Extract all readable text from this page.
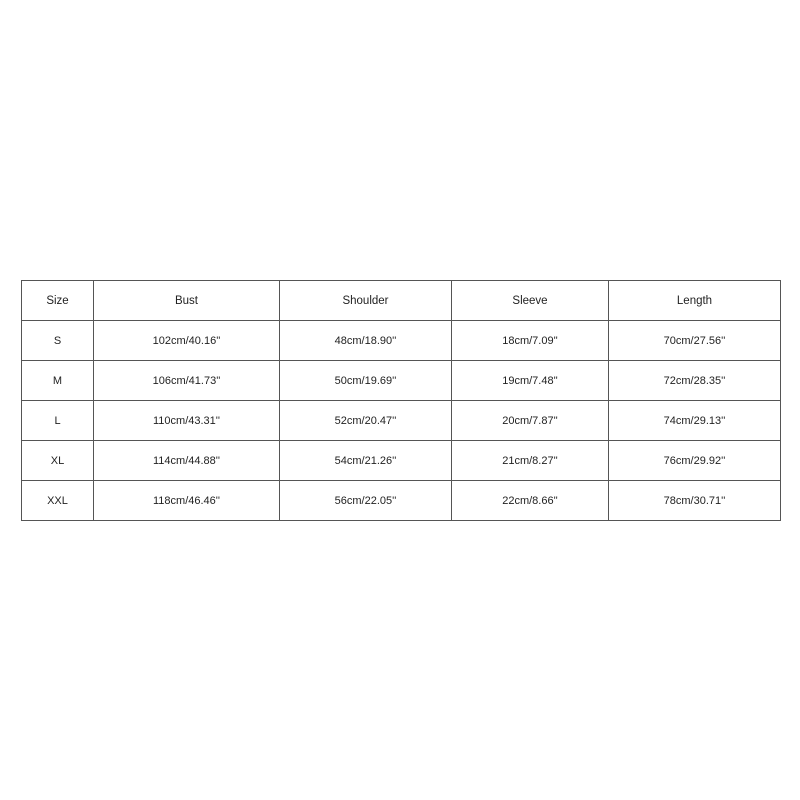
Size	Bust	Shoulder	Sleeve	Length
S	102cm/40.16''	48cm/18.90''	18cm/7.09''	70cm/27.56''
M	106cm/41.73''	50cm/19.69''	19cm/7.48''	72cm/28.35''
L	110cm/43.31''	52cm/20.47''	20cm/7.87''	74cm/29.13''
XL	114cm/44.88''	54cm/21.26''	21cm/8.27''	76cm/29.92''
XXL	118cm/46.46''	56cm/22.05''	22cm/8.66''	78cm/30.71''
